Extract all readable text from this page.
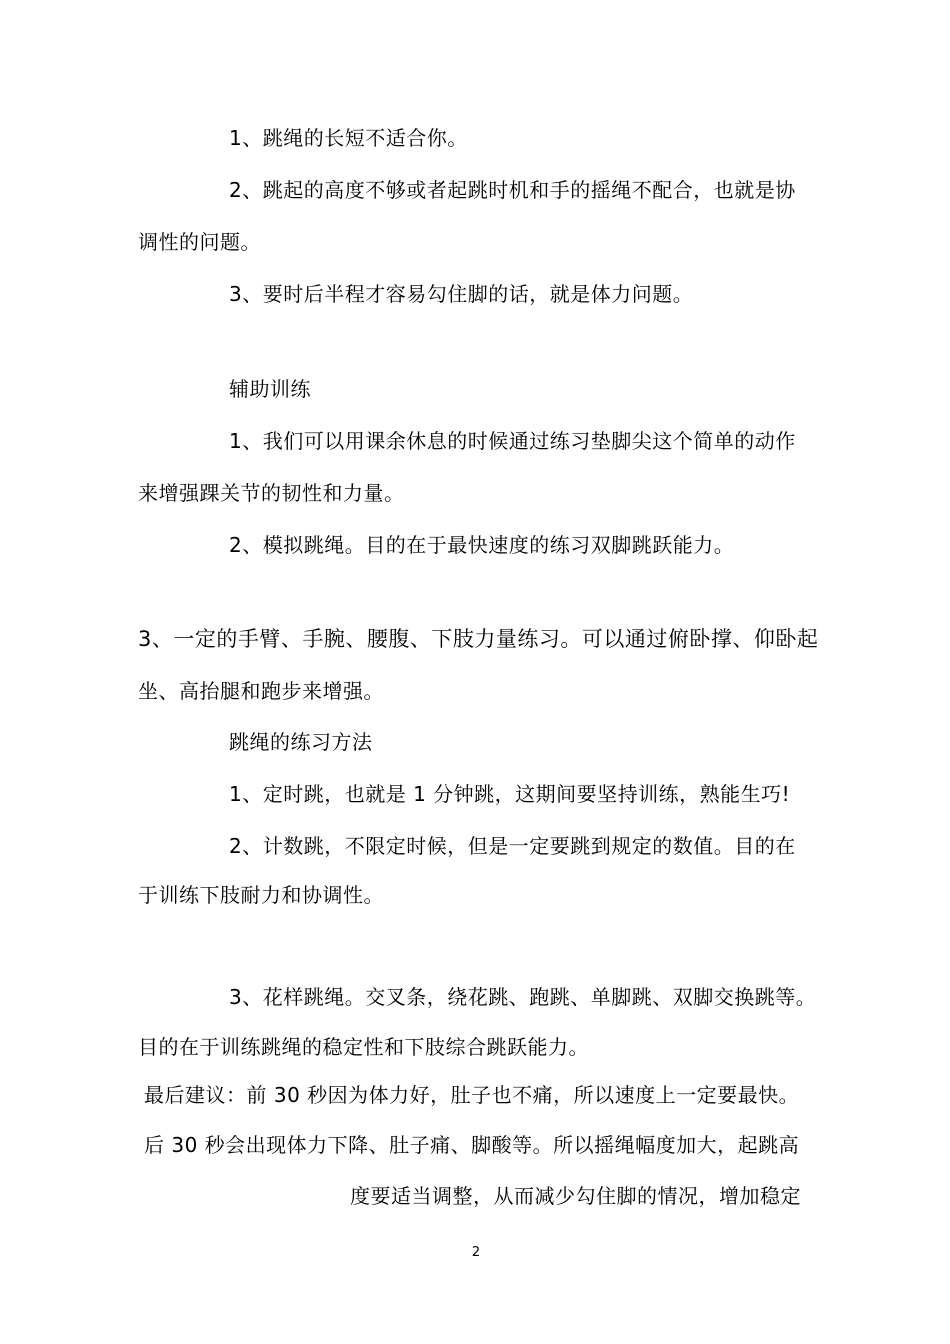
1、跳绳的长短不适合你。
2、跳起的高度不够或者起跳时机和手的摇绳不配合，也就是协
调性的问题。
3、要时后半程才容易勾住脚的话，就是体力问题。
辅助训练
1、我们可以用课余休息的时候通过练习垫脚尖这个简单的动作
来增强踝关节的韧性和力量。
2、模拟跳绳。目的在于最快速度的练习双脚跳跃能力。
3、一定的手臂、手腕、腰腹、下肢力量练习。可以通过俯卧撑、仰卧起
坐、高抬腿和跑步来增强。
跳绳的练习方法
1、定时跳，也就是 1 分钟跳，这期间要坚持训练，熟能生巧!
2、计数跳，不限定时候，但是一定要跳到规定的数值。目的在
于训练下肢耐力和协调性。
3、花样跳绳。交叉条，绕花跳、跑跳、单脚跳、双脚交换跳等。
目的在于训练跳绳的稳定性和下肢综合跳跃能力。
最后建议：前 30 秒因为体力好，肚子也不痛，所以速度上一定要最快。
后 30 秒会出现体力下降、肚子痛、脚酸等。所以摇绳幅度加大，起跳高
度要适当调整，从而减少勾住脚的情况，增加稳定
2
